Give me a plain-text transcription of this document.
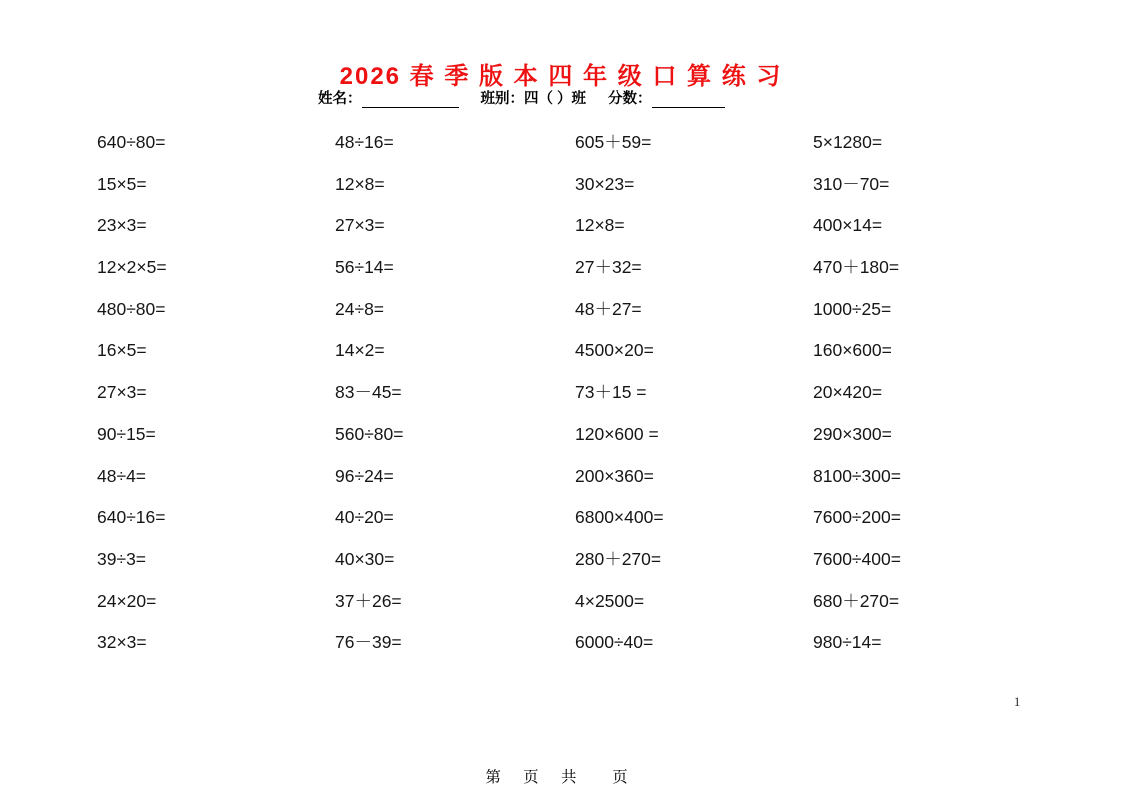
2026 春 季 版 本 四 年 级 口 算 练 习
姓名：	班别：四（ ）班 分数：
640÷80=	48÷16=	605＋59=	5×1280=
15×5=	12×8=	30×23=	310－70=
23×3=	27×3=	12×8=	400×14=
12×2×5=	56÷14=	27＋32=	470＋180=
480÷80=	24÷8=	48＋27=	1000÷25=
16×5=	14×2=	4500×20=	160×600=
27×3=	83－45=	73＋15 =	20×420=
90÷15=	560÷80=	120×600 =	290×300=
48÷4=	96÷24=	200×360=	8100÷300=
640÷16=	40÷20=	6800×400=	7600÷200=
39÷3=	40×30=	280＋270=	7600÷400=
24×20=	37＋26=	4×2500=	680＋270=
32×3=	76－39=	6000÷40=	980÷14=
1
第 页 共  页
